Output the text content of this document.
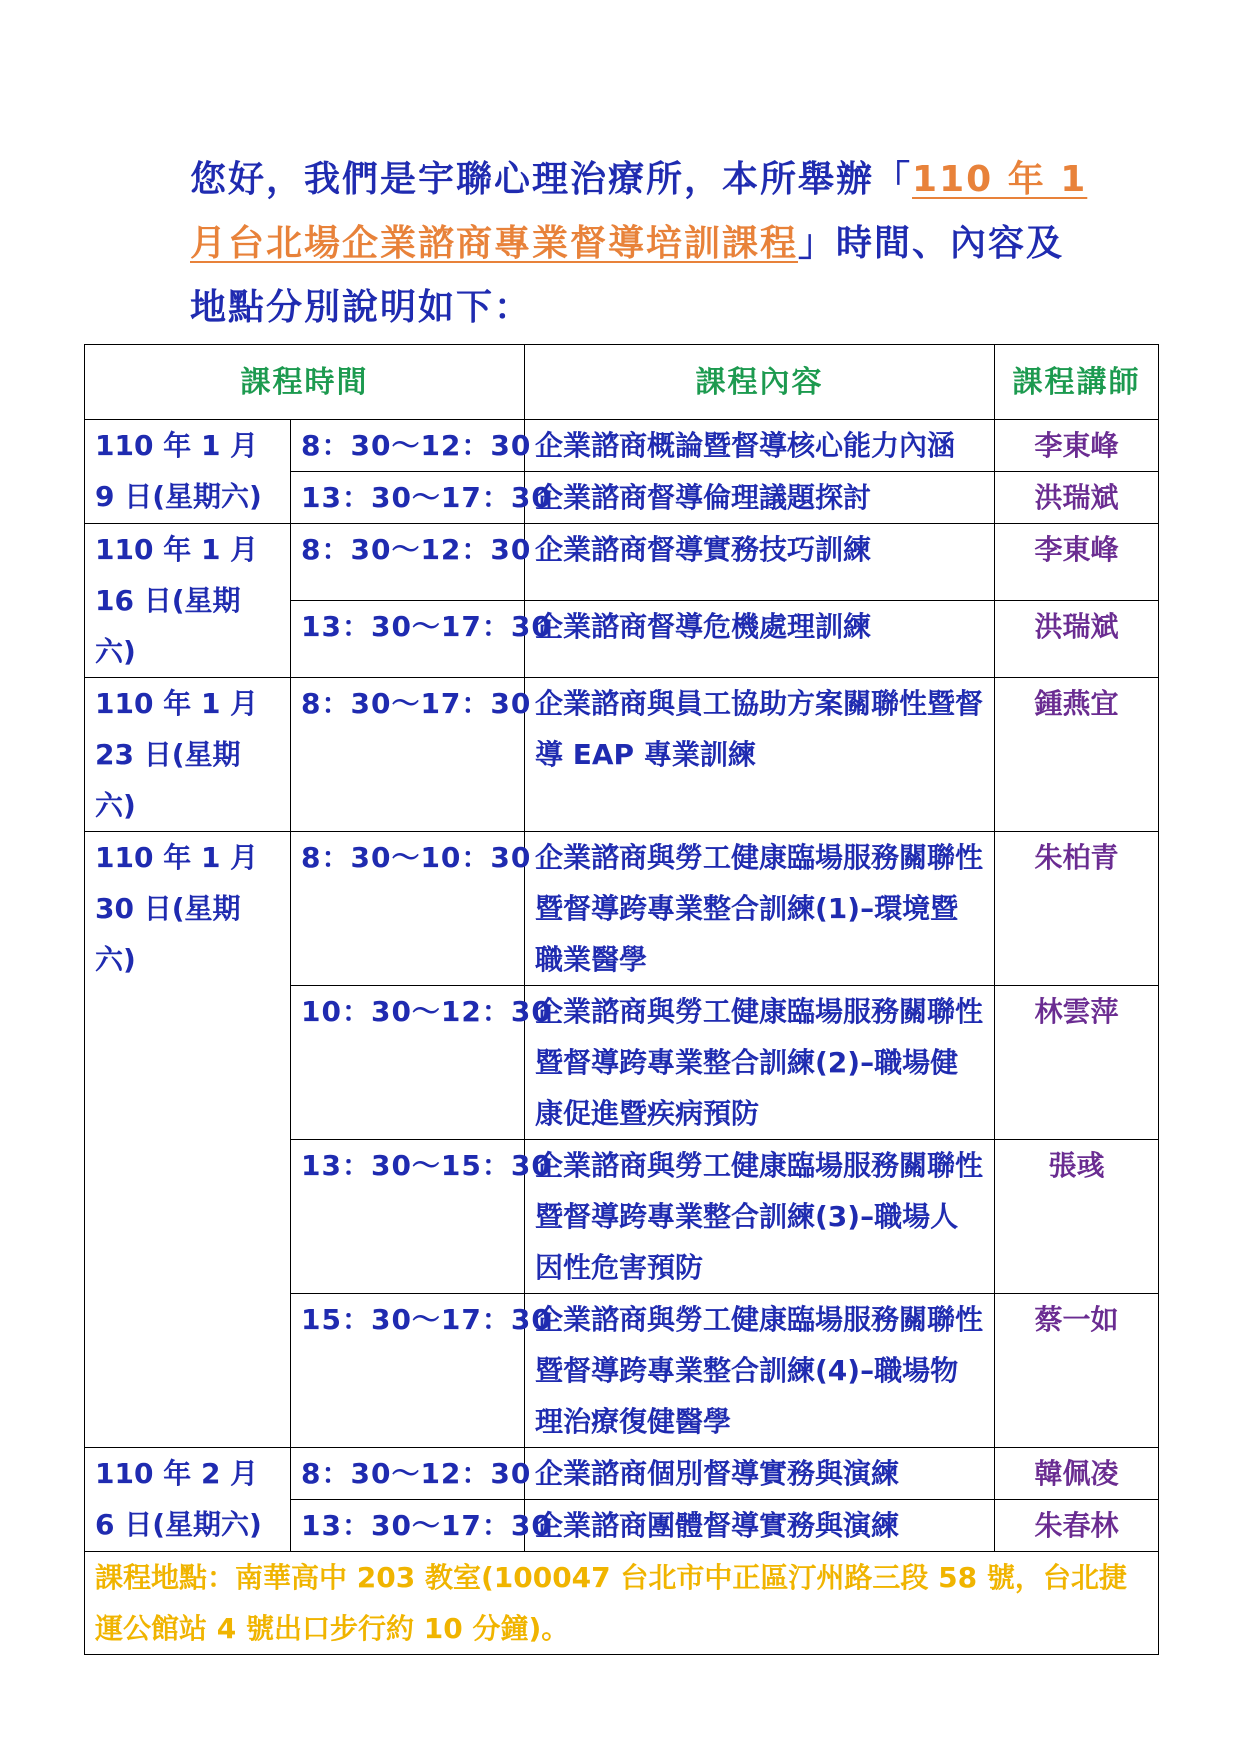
您好，我們是宇聯心理治療所，本所舉辦「110 年 1 月台北場企業諮商專業督導培訓課程」時間、內容及地點分別說明如下：
課程時間		課程內容	課程講師
110 年 1 月 9 日(星期六)	8：30～12：30	企業諮商概論暨督導核心能力內涵	李東峰
	13：30～17：30	企業諮商督導倫理議題探討	洪瑞斌
110 年 1 月 16 日(星期六)	8：30～12：30	企業諮商督導實務技巧訓練	李東峰
	13：30～17：30	企業諮商督導危機處理訓練	洪瑞斌
110 年 1 月 23 日(星期六)	8：30～17：30	企業諮商與員工協助方案關聯性暨督導 EAP 專業訓練	鍾燕宜
110 年 1 月 30 日(星期六)	8：30～10：30	企業諮商與勞工健康臨場服務關聯性暨督導跨專業整合訓練(1)–環境暨職業醫學	朱柏青
	10：30～12：30	企業諮商與勞工健康臨場服務關聯性暨督導跨專業整合訓練(2)–職場健康促進暨疾病預防	林雲萍
	13：30～15：30	企業諮商與勞工健康臨場服務關聯性暨督導跨專業整合訓練(3)–職場人因性危害預防	張彧
	15：30～17：30	企業諮商與勞工健康臨場服務關聯性暨督導跨專業整合訓練(4)–職場物理治療復健醫學	蔡一如
110 年 2 月 6 日(星期六)	8：30～12：30	企業諮商個別督導實務與演練	韓佩凌
	13：30～17：30	企業諮商團體督導實務與演練	朱春林
課程地點：南華高中 203 教室(100047 台北市中正區汀州路三段 58 號，台北捷運公館站 4 號出口步行約 10 分鐘)。			
